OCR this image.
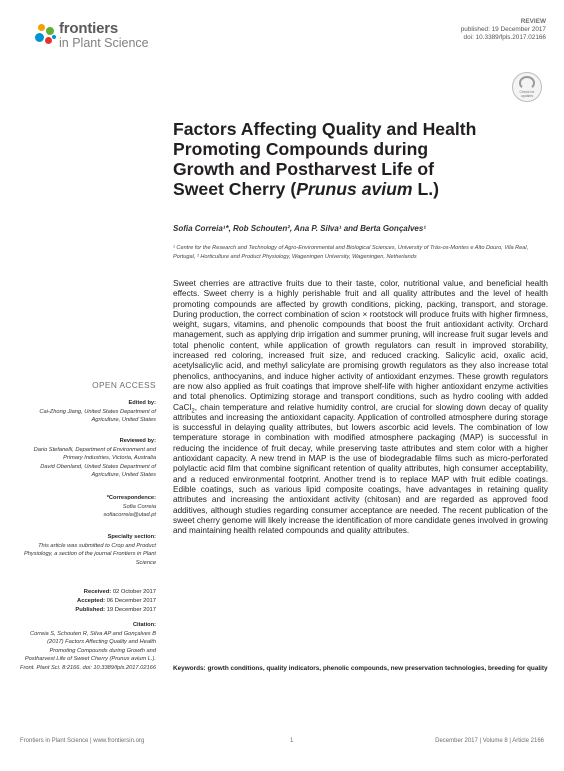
frontiers
in Plant Science
REVIEW
published: 19 December 2017
doi: 10.3389/fpls.2017.02166
Check for updates
Factors Affecting Quality and Health
Promoting Compounds during
Growth and Postharvest Life of
Sweet Cherry (Prunus avium L.)
Sofia Correia¹*, Rob Schouten², Ana P. Silva¹ and Berta Gonçalves¹
¹ Centre for the Research and Technology of Agro-Environmental and Biological Sciences, University of Trás-os-Montes e Alto Douro, Vila Real, Portugal, ² Horticulture and Product Physiology, Wageningen University, Wageningen, Netherlands
Sweet cherries are attractive fruits due to their taste, color, nutritional value, and beneficial health effects. Sweet cherry is a highly perishable fruit and all quality attributes and the level of health promoting compounds are affected by growth conditions, picking, packing, transport, and storage. During production, the correct combination of scion × rootstock will produce fruits with higher firmness, weight, sugars, vitamins, and phenolic compounds that boost the fruit antioxidant activity. Orchard management, such as applying drip irrigation and summer pruning, will increase fruit sugar levels and total phenolic content, while application of growth regulators can result in improved storability, increased red coloring, increased fruit size, and reduced cracking. Salicylic acid, oxalic acid, acetylsalicylic acid, and methyl salicylate are promising growth regulators as they also increase total phenolics, anthocyanins, and induce higher activity of antioxidant enzymes. These growth regulators are now also applied as fruit coatings that improve shelf-life with higher antioxidant enzyme activities and total phenolics. Optimizing storage and transport conditions, such as hydro cooling with added CaCl$_2$, chain temperature and relative humidity control, are crucial for slowing down decay of quality attributes and increasing the antioxidant capacity. Application of controlled atmosphere during storage is successful in delaying quality attributes, but lowers ascorbic acid levels. The combination of low temperature storage in combination with modified atmosphere packaging (MAP) is successful in reducing the incidence of fruit decay, while preserving taste attributes and stem color with a higher antioxidant capacity. A new trend in MAP is the use of biodegradable films such as micro-perforated polylactic acid film that combine significant retention of quality attributes, high consumer acceptability, and a reduced environmental footprint. Another trend is to replace MAP with fruit edible coatings. Edible coatings, such as various lipid composite coatings, have advantages in retaining quality attributes and increasing the antioxidant activity (chitosan) and are regarded as approved food additives, although studies regarding consumer acceptance are needed. The recent publication of the sweet cherry genome will likely increase the identification of more candidate genes involved in growing and maintaining health related compounds and quality attributes.
Keywords: growth conditions, quality indicators, phenolic compounds, new preservation technologies, breeding for quality
OPEN ACCESS
Edited by:
Cai-Zhong Jiang, United States Department of Agriculture, United States
Reviewed by:
Dario Stefanelli, Department of Environment and Primary Industries, Victoria, Australia
David Obenland, United States Department of Agriculture, United States
*Correspondence:
Sofia Correia
sofiacorreia@utad.pt
Specialty section:
This article was submitted to Crop and Product Physiology, a section of the journal Frontiers in Plant Science
Received: 02 October 2017
Accepted: 06 December 2017
Published: 19 December 2017
Citation:
Correia S, Schouten R, Silva AP and Gonçalves B (2017) Factors Affecting Quality and Health Promoting Compounds during Growth and Postharvest Life of Sweet Cherry (Prunus avium L.). Front. Plant Sci. 8:2166. doi: 10.3389/fpls.2017.02166
Frontiers in Plant Science | www.frontiersin.org	1	December 2017 | Volume 8 | Article 2166
